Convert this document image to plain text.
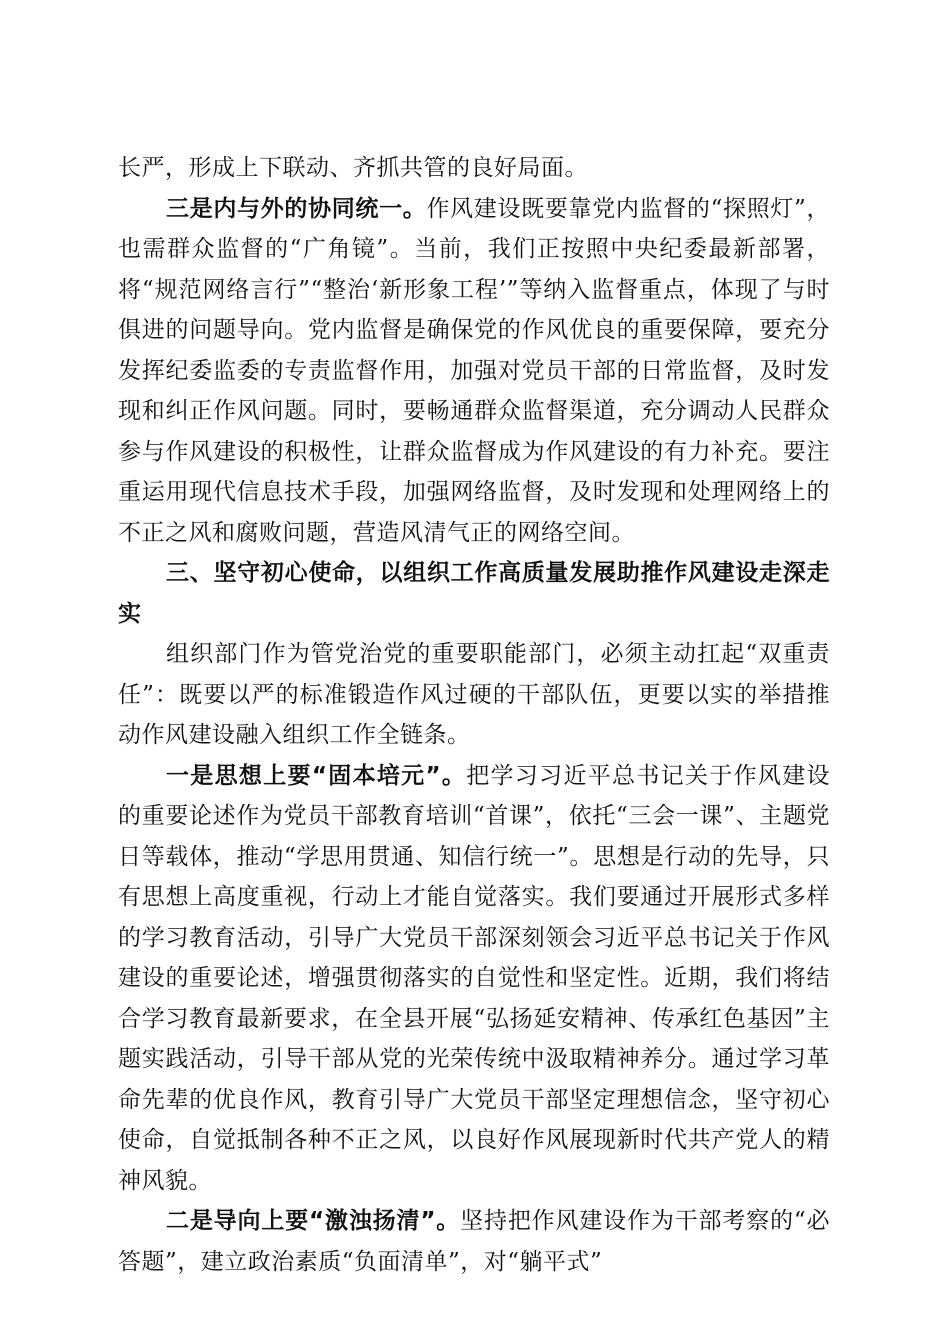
长严，形成上下联动、齐抓共管的良好局面。

三是内与外的协同统一。作风建设既要靠党内监督的“探照灯”，也需群众监督的“广角镜”。当前，我们正按照中央纪委最新部署，将“规范网络言行”“整治‘新形象工程’”等纳入监督重点，体现了与时俱进的问题导向。党内监督是确保党的作风优良的重要保障，要充分发挥纪委监委的专责监督作用，加强对党员干部的日常监督，及时发现和纠正作风问题。同时，要畅通群众监督渠道，充分调动人民群众参与作风建设的积极性，让群众监督成为作风建设的有力补充。要注重运用现代信息技术手段，加强网络监督，及时发现和处理网络上的不正之风和腐败问题，营造风清气正的网络空间。

三、坚守初心使命，以组织工作高质量发展助推作风建设走深走实

组织部门作为管党治党的重要职能部门，必须主动扛起“双重责任”：既要以严的标准锻造作风过硬的干部队伍，更要以实的举措推动作风建设融入组织工作全链条。

一是思想上要“固本培元”。把学习习近平总书记关于作风建设的重要论述作为党员干部教育培训“首课”，依托“三会一课”、主题党日等载体，推动“学思用贯通、知信行统一”。思想是行动的先导，只有思想上高度重视，行动上才能自觉落实。我们要通过开展形式多样的学习教育活动，引导广大党员干部深刻领会习近平总书记关于作风建设的重要论述，增强贯彻落实的自觉性和坚定性。近期，我们将结合学习教育最新要求，在全县开展“弘扬延安精神、传承红色基因”主题实践活动，引导干部从党的光荣传统中汲取精神养分。通过学习革命先辈的优良作风，教育引导广大党员干部坚定理想信念，坚守初心使命，自觉抵制各种不正之风，以良好作风展现新时代共产党人的精神风貌。

二是导向上要“激浊扬清”。坚持把作风建设作为干部考察的“必答题”，建立政治素质“负面清单”，对“躺平式”
